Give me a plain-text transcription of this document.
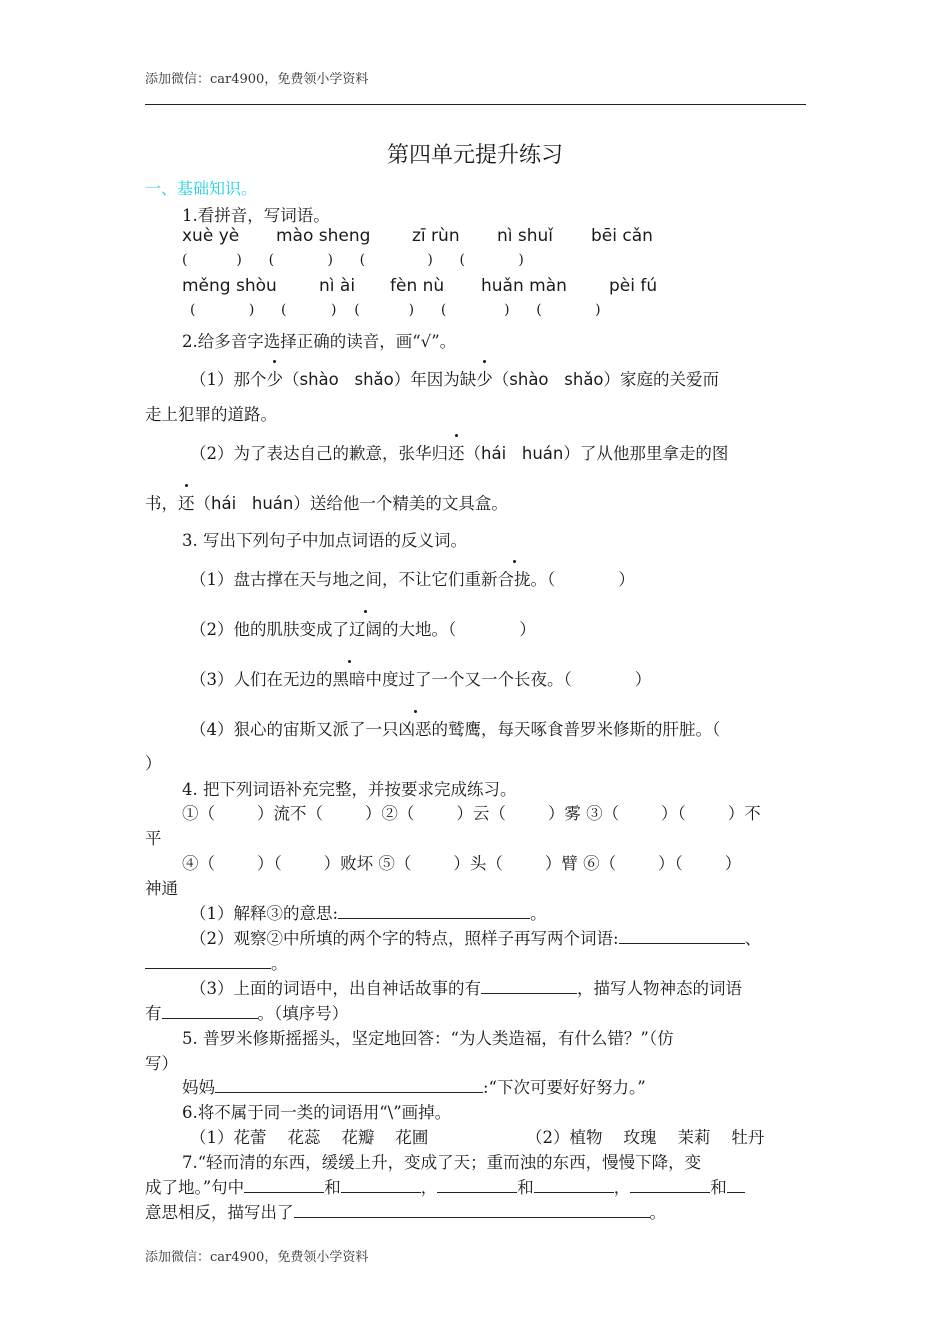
添加微信：car4900，免费领小学资料
第四单元提升练习
一、基础知识。
1.看拼音，写词语。
xuè yè mào sheng zī rùn nì shuǐ bēi cǎn
(           )      (            )      (              )      (            )
měng shòu nì ài fèn nù huǎn màn pèi fú
(            )      (          )    (           )      (             )      (            )
2.给多音字选择正确的读音，画“√”。
（1）那个少（shào   shǎo）年因为缺少（shào   shǎo）家庭的关爱而
走上犯罪的道路。
（2）为了表达自己的歉意，张华归还（hái   huán）了从他那里拿走的图
书，还（hái   huán）送给他一个精美的文具盒。
3. 写出下列句子中加点词语的反义词。
（1）盘古撑在天与地之间，不让它们重新合拢。（            ）
（2）他的肌肤变成了辽阔的大地。（            ）
（3）人们在无边的黑暗中度过了一个又一个长夜。（            ）
（4）狠心的宙斯又派了一只凶恶的鹫鹰，每天啄食普罗米修斯的肝脏。（
）
4. 把下列词语补充完整，并按要求完成练习。
①（        ）流不（        ）②（        ）云（        ）雾 ③（        ）（        ）不
平
④（        ）（        ）败坏 ⑤（        ）头（        ）臂 ⑥（        ）（        ）
神通
（1）解释③的意思:	。
（2）观察②中所填的两个字的特点，照样子再写两个词语:	、
。
（3）上面的词语中，出自神话故事的有	，描写人物神态的词语
有	。（填序号）
5. 普罗米修斯摇摇头，坚定地回答：“为人类造福，有什么错？”（仿
写）
妈妈	:“下次可要好好努力。”
6.将不属于同一类的词语用“\”画掉。
（1）花蕾    花蕊    花瓣    花圃	（2）植物    玫瑰    茉莉    牡丹
7.“轻而清的东西，缓缓上升，变成了天；重而浊的东西，慢慢下降，变
成了地。”句中	和	，	和	，	和
意思相反，描写出了	。
添加微信：car4900，免费领小学资料
